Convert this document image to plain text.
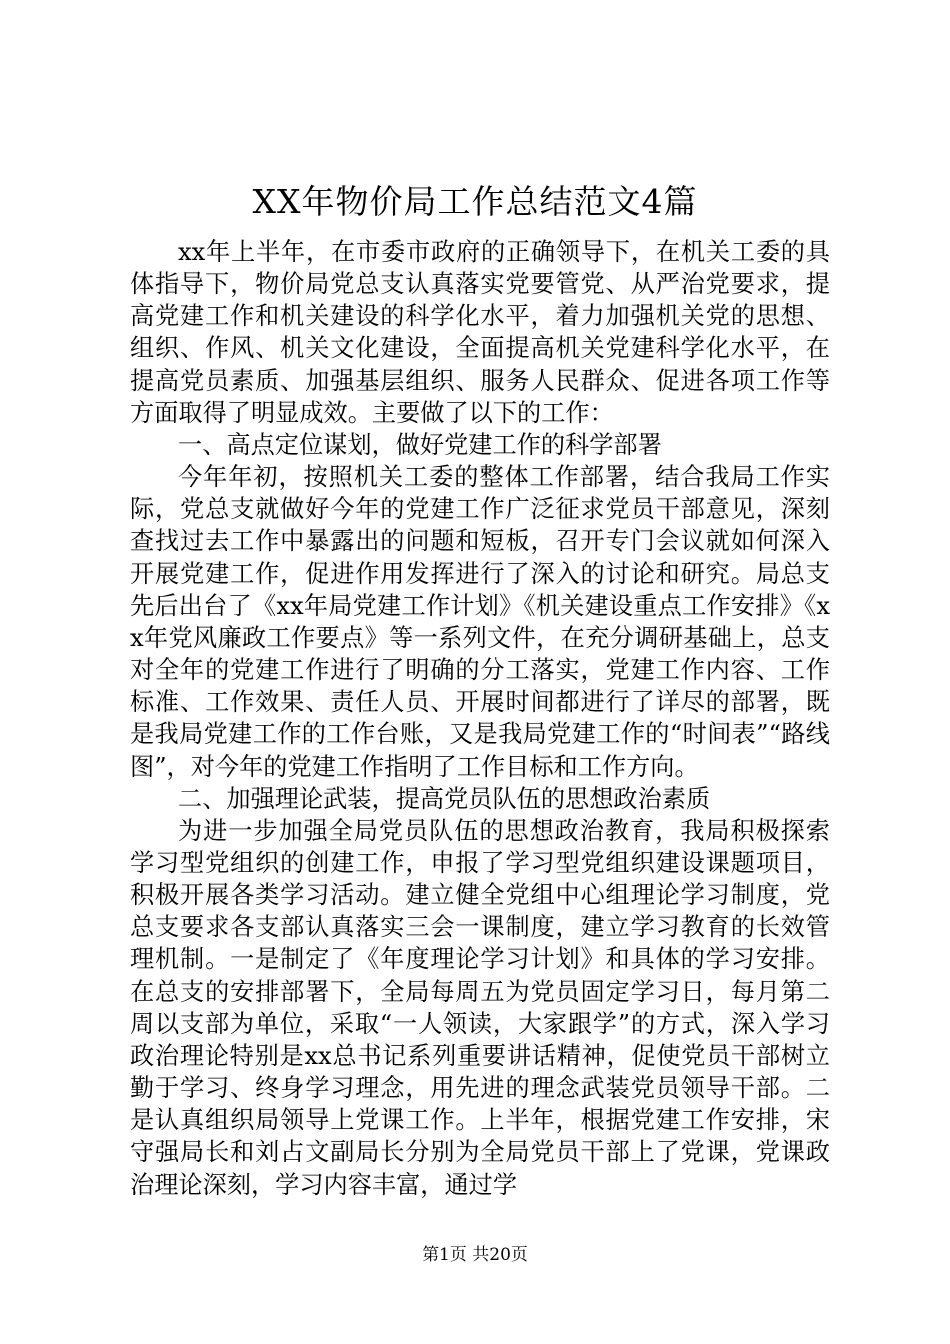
XX年物价局工作总结范文4篇

xx年上半年，在市委市政府的正确领导下，在机关工委的具体指导下，物价局党总支认真落实党要管党、从严治党要求，提高党建工作和机关建设的科学化水平，着力加强机关党的思想、组织、作风、机关文化建设，全面提高机关党建科学化水平，在提高党员素质、加强基层组织、服务人民群众、促进各项工作等方面取得了明显成效。主要做了以下的工作：

一、高点定位谋划，做好党建工作的科学部署

今年年初，按照机关工委的整体工作部署，结合我局工作实际，党总支就做好今年的党建工作广泛征求党员干部意见，深刻查找过去工作中暴露出的问题和短板，召开专门会议就如何深入开展党建工作，促进作用发挥进行了深入的讨论和研究。局总支先后出台了《xx年局党建工作计划》《机关建设重点工作安排》《xx年党风廉政工作要点》等一系列文件，在充分调研基础上，总支对全年的党建工作进行了明确的分工落实，党建工作内容、工作标准、工作效果、责任人员、开展时间都进行了详尽的部署，既是我局党建工作的工作台账，又是我局党建工作的“时间表”“路线图”，对今年的党建工作指明了工作目标和工作方向。

二、加强理论武装，提高党员队伍的思想政治素质

为进一步加强全局党员队伍的思想政治教育，我局积极探索学习型党组织的创建工作，申报了学习型党组织建设课题项目，积极开展各类学习活动。建立健全党组中心组理论学习制度，党总支要求各支部认真落实三会一课制度，建立学习教育的长效管理机制。一是制定了《年度理论学习计划》和具体的学习安排。在总支的安排部署下，全局每周五为党员固定学习日，每月第二周以支部为单位，采取“一人领读，大家跟学”的方式，深入学习政治理论特别是xx总书记系列重要讲话精神，促使党员干部树立勤于学习、终身学习理念，用先进的理念武装党员领导干部。二是认真组织局领导上党课工作。上半年，根据党建工作安排，宋守强局长和刘占文副局长分别为全局党员干部上了党课，党课政治理论深刻，学习内容丰富，通过学

第1页 共20页
